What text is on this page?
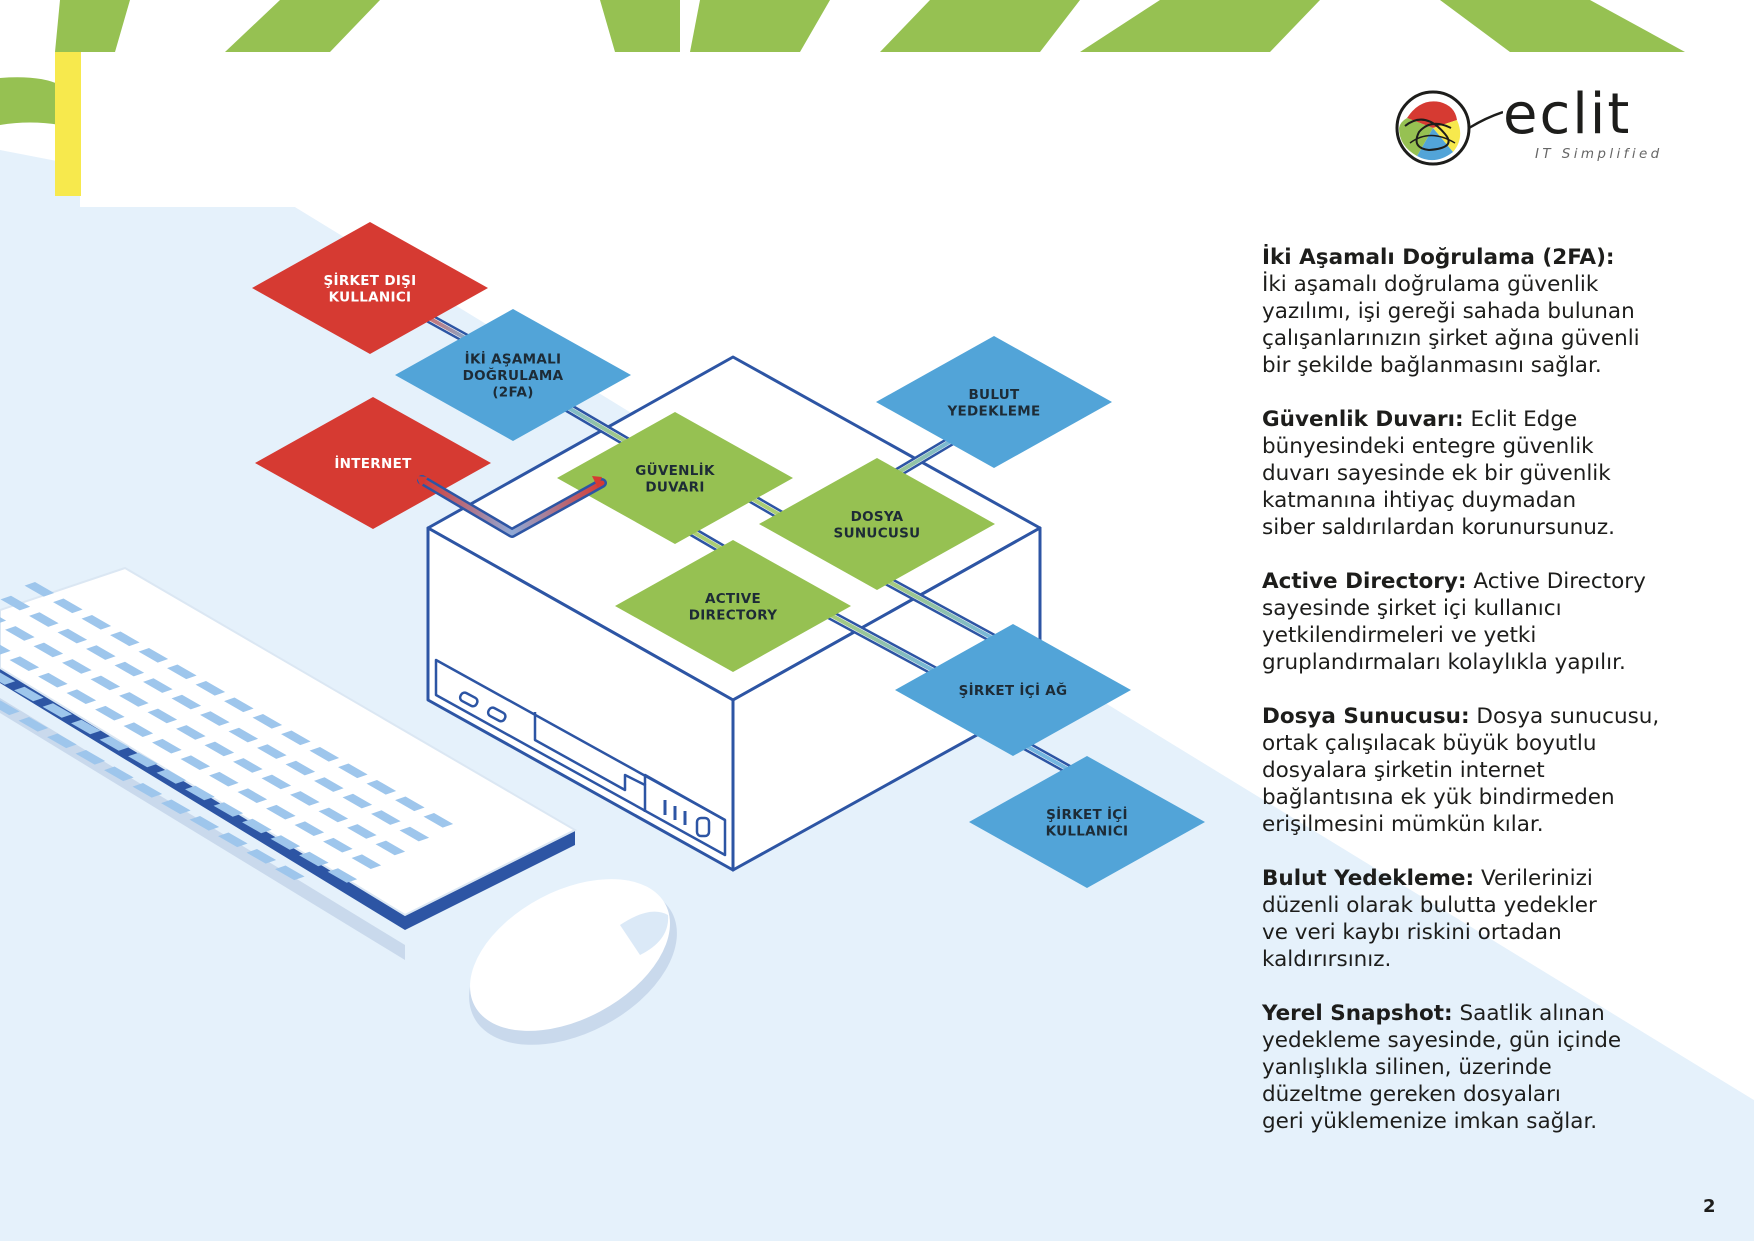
ACTIVE
DIRECTORY
DOSYA
SUNUCUSU
GÜVENLİK
DUVARI
BULUT
YEDEKLEME
ŞİRKET İÇİ
KULLANICI
ŞİRKET İÇİ AĞ
İNTERNET
İKİ AŞAMALI
DOĞRULAMA
(2FA)
ŞİRKET DIŞI
KULLANICI
eclit
IT Simplified

İki Aşamalı Doğrulama (2FA):
İki aşamalı doğrulama güvenlik
yazılımı, işi gereği sahada bulunan
çalışanlarınızın şirket ağına güvenli
bir şekilde bağlanmasını sağlar.

Güvenlik Duvarı: Eclit Edge
bünyesindeki entegre güvenlik
duvarı sayesinde ek bir güvenlik
katmanına ihtiyaç duymadan
siber saldırılardan korunursunuz.

Active Directory: Active Directory
sayesinde şirket içi kullanıcı
yetkilendirmeleri ve yetki
gruplandırmaları kolaylıkla yapılır.

Dosya Sunucusu: Dosya sunucusu,
ortak çalışılacak büyük boyutlu
dosyalara şirketin internet
bağlantısına ek yük bindirmeden
erişilmesini mümkün kılar.

Bulut Yedekleme: Verilerinizi
düzenli olarak bulutta yedekler
ve veri kaybı riskini ortadan
kaldırırsınız.

Yerel Snapshot: Saatlik alınan
yedekleme sayesinde, gün içinde
yanlışlıkla silinen, üzerinde
düzeltme gereken dosyaları
geri yüklemenize imkan sağlar.

2
